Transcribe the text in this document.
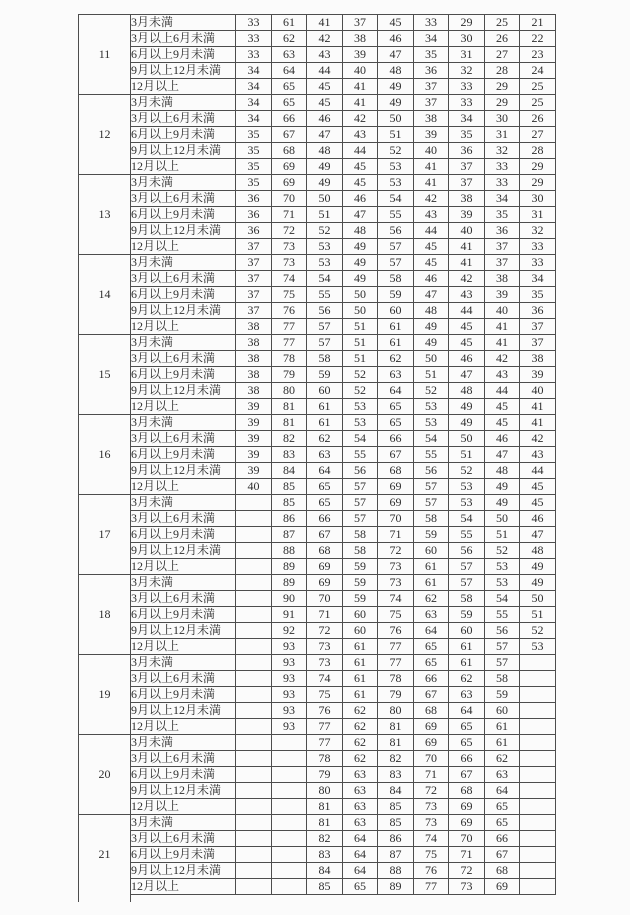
11	3月未満	33	61	41	37	45	33	29	25	21
	3月以上6月未満	33	62	42	38	46	34	30	26	22
	6月以上9月未満	33	63	43	39	47	35	31	27	23
	9月以上12月未満	34	64	44	40	48	36	32	28	24
	12月以上	34	65	45	41	49	37	33	29	25
12	3月未満	34	65	45	41	49	37	33	29	25
	3月以上6月未満	34	66	46	42	50	38	34	30	26
	6月以上9月未満	35	67	47	43	51	39	35	31	27
	9月以上12月未満	35	68	48	44	52	40	36	32	28
	12月以上	35	69	49	45	53	41	37	33	29
13	3月未満	35	69	49	45	53	41	37	33	29
	3月以上6月未満	36	70	50	46	54	42	38	34	30
	6月以上9月未満	36	71	51	47	55	43	39	35	31
	9月以上12月未満	36	72	52	48	56	44	40	36	32
	12月以上	37	73	53	49	57	45	41	37	33
14	3月未満	37	73	53	49	57	45	41	37	33
	3月以上6月未満	37	74	54	49	58	46	42	38	34
	6月以上9月未満	37	75	55	50	59	47	43	39	35
	9月以上12月未満	37	76	56	50	60	48	44	40	36
	12月以上	38	77	57	51	61	49	45	41	37
15	3月未満	38	77	57	51	61	49	45	41	37
	3月以上6月未満	38	78	58	51	62	50	46	42	38
	6月以上9月未満	38	79	59	52	63	51	47	43	39
	9月以上12月未満	38	80	60	52	64	52	48	44	40
	12月以上	39	81	61	53	65	53	49	45	41
16	3月未満	39	81	61	53	65	53	49	45	41
	3月以上6月未満	39	82	62	54	66	54	50	46	42
	6月以上9月未満	39	83	63	55	67	55	51	47	43
	9月以上12月未満	39	84	64	56	68	56	52	48	44
	12月以上	40	85	65	57	69	57	53	49	45
17	3月未満		85	65	57	69	57	53	49	45
	3月以上6月未満		86	66	57	70	58	54	50	46
	6月以上9月未満		87	67	58	71	59	55	51	47
	9月以上12月未満		88	68	58	72	60	56	52	48
	12月以上		89	69	59	73	61	57	53	49
18	3月未満		89	69	59	73	61	57	53	49
	3月以上6月未満		90	70	59	74	62	58	54	50
	6月以上9月未満		91	71	60	75	63	59	55	51
	9月以上12月未満		92	72	60	76	64	60	56	52
	12月以上		93	73	61	77	65	61	57	53
19	3月未満		93	73	61	77	65	61	57	
	3月以上6月未満		93	74	61	78	66	62	58	
	6月以上9月未満		93	75	61	79	67	63	59	
	9月以上12月未満		93	76	62	80	68	64	60	
	12月以上		93	77	62	81	69	65	61	
20	3月未満			77	62	81	69	65	61	
	3月以上6月未満			78	62	82	70	66	62	
	6月以上9月未満			79	63	83	71	67	63	
	9月以上12月未満			80	63	84	72	68	64	
	12月以上			81	63	85	73	69	65	
21	3月未満			81	63	85	73	69	65	
	3月以上6月未満			82	64	86	74	70	66	
	6月以上9月未満			83	64	87	75	71	67	
	9月以上12月未満			84	64	88	76	72	68	
	12月以上			85	65	89	77	73	69	
